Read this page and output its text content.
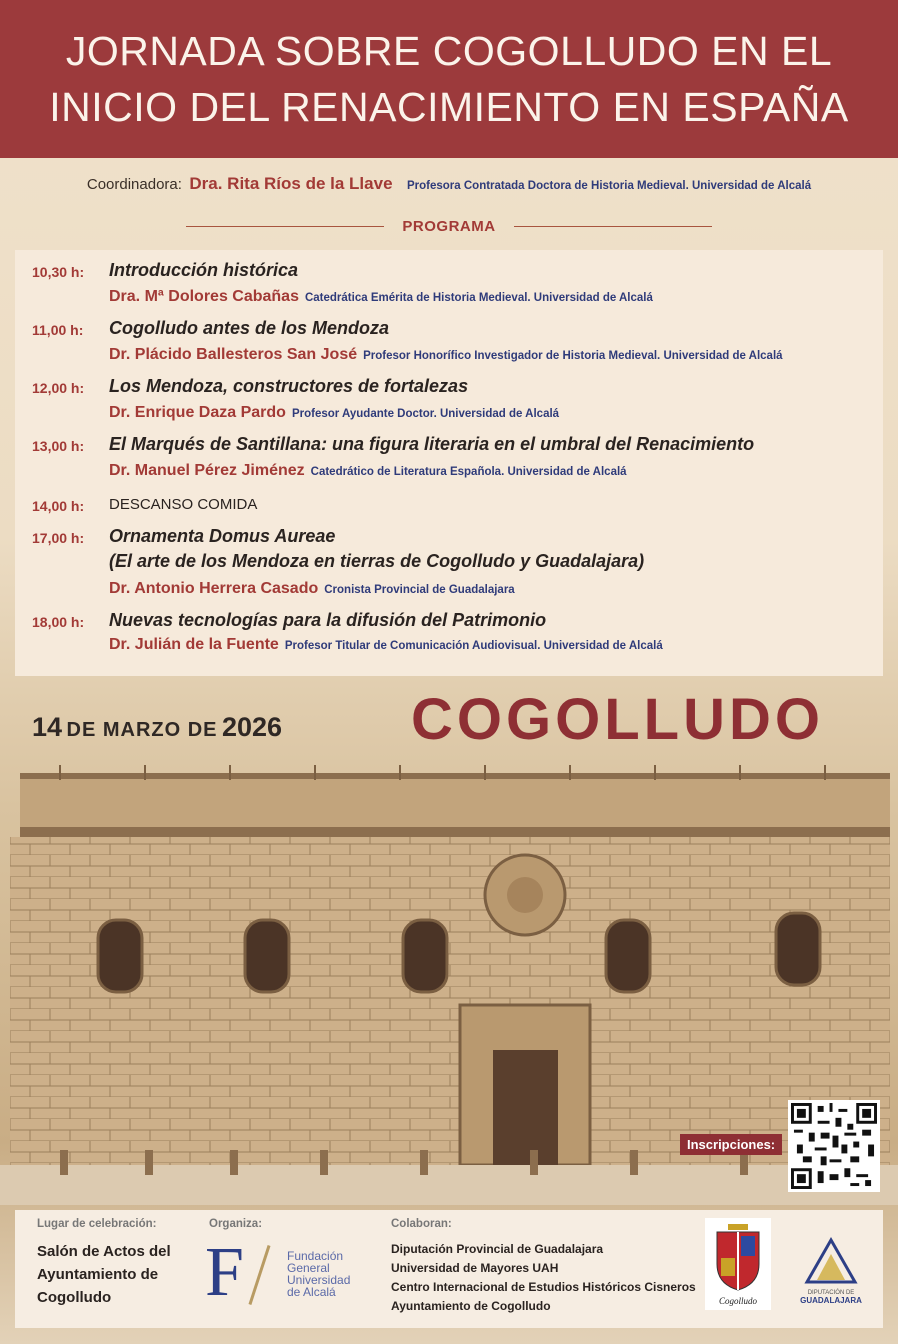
JORNADA SOBRE COGOLLUDO EN EL
INICIO DEL RENACIMIENTO EN ESPAÑA
Coordinadora: Dra. Rita Ríos de la Llave Profesora Contratada Doctora de Historia Medieval. Universidad de Alcalá
PROGRAMA
10,30 h: Introducción histórica
Dra. Mª Dolores Cabañas Catedrática Emérita de Historia Medieval. Universidad de Alcalá
11,00 h: Cogolludo antes de los Mendoza
Dr. Plácido Ballesteros San José Profesor Honorífico Investigador de Historia Medieval. Universidad de Alcalá
12,00 h: Los Mendoza, constructores de fortalezas
Dr. Enrique Daza Pardo Profesor Ayudante Doctor. Universidad de Alcalá
13,00 h: El Marqués de Santillana: una figura literaria en el umbral del Renacimiento
Dr. Manuel Pérez Jiménez Catedrático de Literatura Española. Universidad de Alcalá
14,00 h: DESCANSO COMIDA
17,00 h: Ornamenta Domus Aureae
(El arte de los Mendoza en tierras de Cogolludo y Guadalajara)
Dr. Antonio Herrera Casado Cronista Provincial de Guadalajara
18,00 h: Nuevas tecnologías para la difusión del Patrimonio
Dr. Julián de la Fuente Profesor Titular de Comunicación Audiovisual. Universidad de Alcalá
14 DE MARZO DE 2026 COGOLLUDO
Inscripciones:
Lugar de celebración:
Salón de Actos del
Ayuntamiento de
Cogolludo
Organiza:
F	Fundación
General
Universidad
de Alcalá
Colaboran:
Diputación Provincial de Guadalajara
Universidad de Mayores UAH
Centro Internacional de Estudios Históricos Cisneros
Ayuntamiento de Cogolludo	Cogolludo
DIPUTACIÓN DE
GUADALAJARA
